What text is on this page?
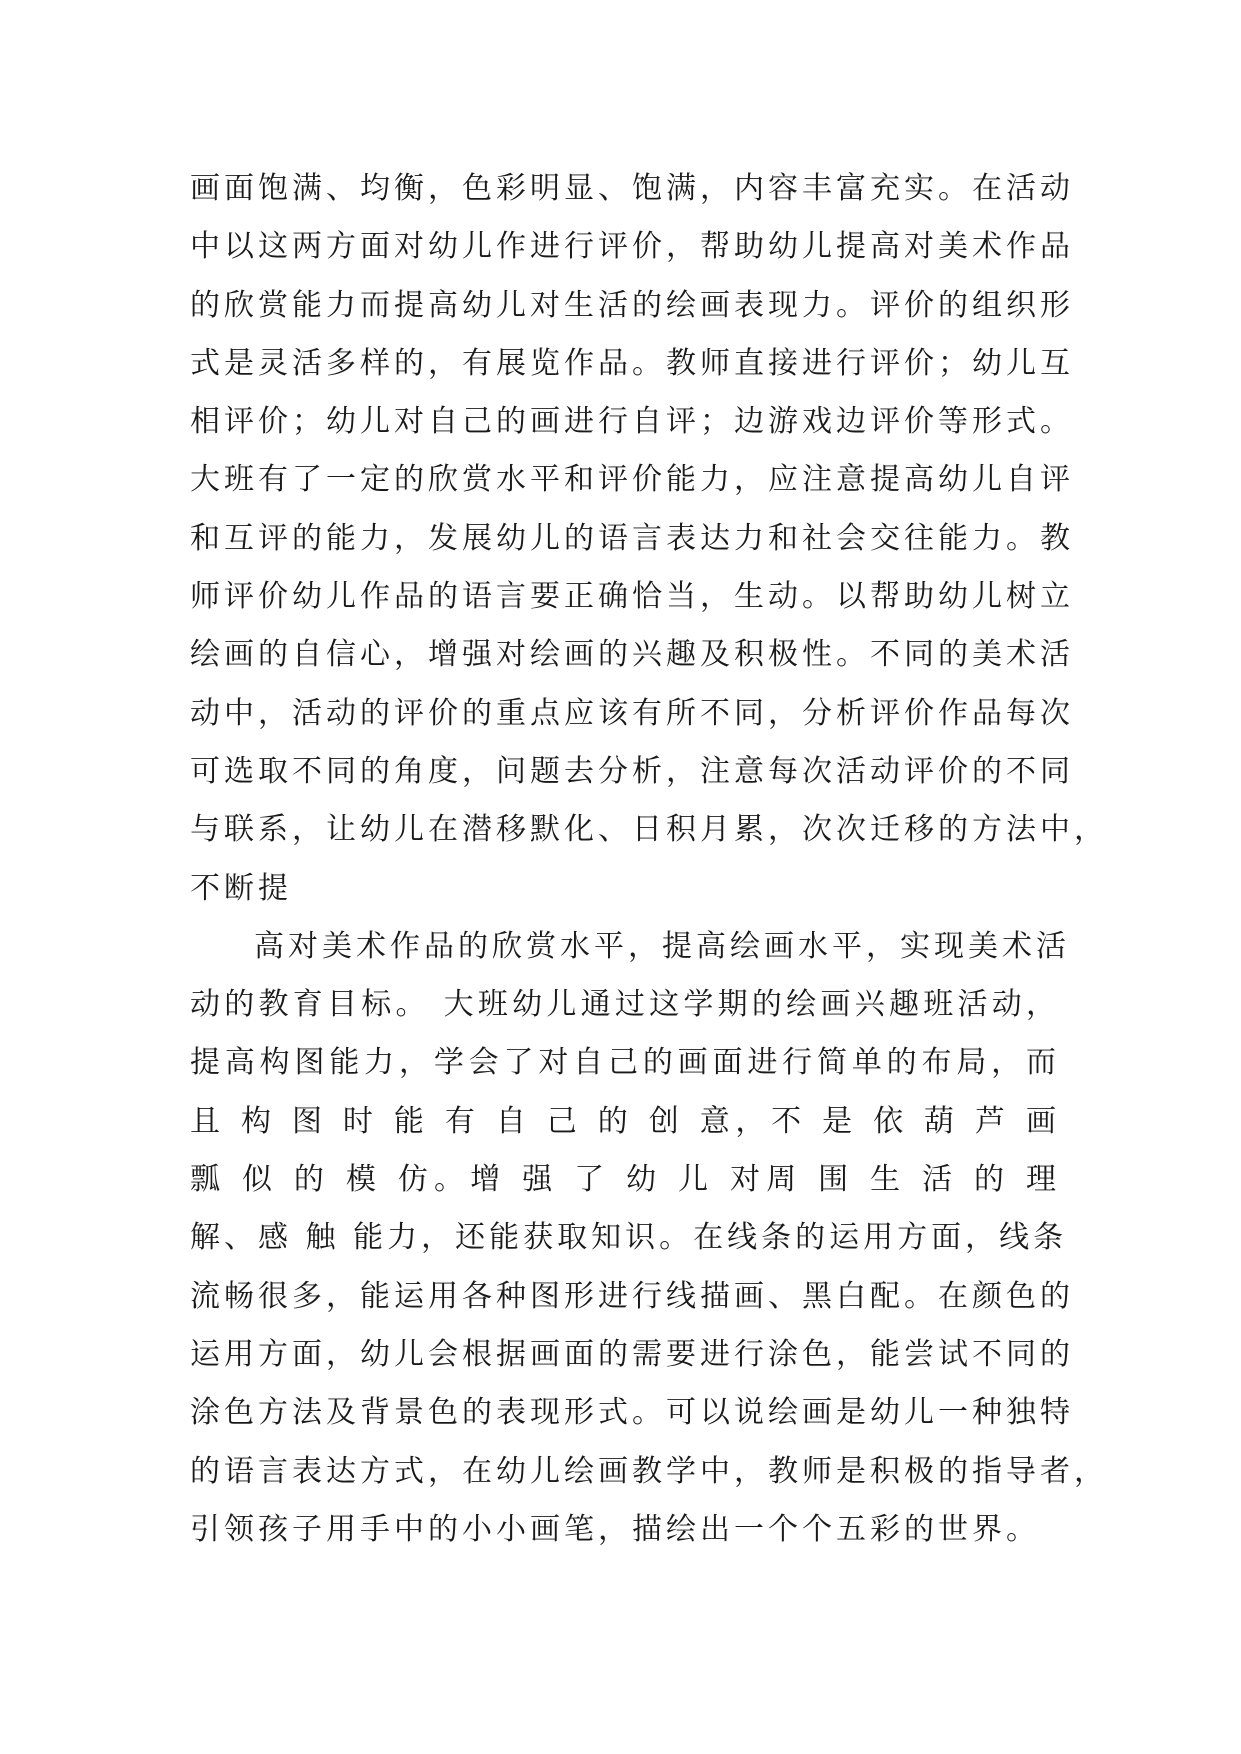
画面饱满、均衡，色彩明显、饱满，内容丰富充实。在活动
中以这两方面对幼儿作进行评价，帮助幼儿提高对美术作品
的欣赏能力而提高幼儿对生活的绘画表现力。评价的组织形
式是灵活多样的，有展览作品。教师直接进行评价；幼儿互
相评价；幼儿对自己的画进行自评；边游戏边评价等形式。
大班有了一定的欣赏水平和评价能力，应注意提高幼儿自评
和互评的能力，发展幼儿的语言表达力和社会交往能力。教
师评价幼儿作品的语言要正确恰当，生动。以帮助幼儿树立
绘画的自信心，增强对绘画的兴趣及积极性。不同的美术活
动中，活动的评价的重点应该有所不同，分析评价作品每次
可选取不同的角度，问题去分析，注意每次活动评价的不同
与联系，让幼儿在潜移默化、日积月累，次次迁移的方法中，
不断提
高对美术作品的欣赏水平，提高绘画水平，实现美术活
动的教育目标。 大班幼儿通过这学期的绘画兴趣班活动，
提高构图能力，学会了对自己的画面进行简单的布局，而
且 构 图 时 能 有 自 己 的 创 意，不 是 依 葫 芦 画
瓢 似 的 模 仿。增 强 了 幼 儿 对周 围 生 活 的 理
解、感 触 能力，还能获取知识。在线条的运用方面，线条
流畅很多，能运用各种图形进行线描画、黑白配。在颜色的
运用方面，幼儿会根据画面的需要进行涂色，能尝试不同的
涂色方法及背景色的表现形式。可以说绘画是幼儿一种独特
的语言表达方式，在幼儿绘画教学中，教师是积极的指导者，
引领孩子用手中的小小画笔，描绘出一个个五彩的世界。
